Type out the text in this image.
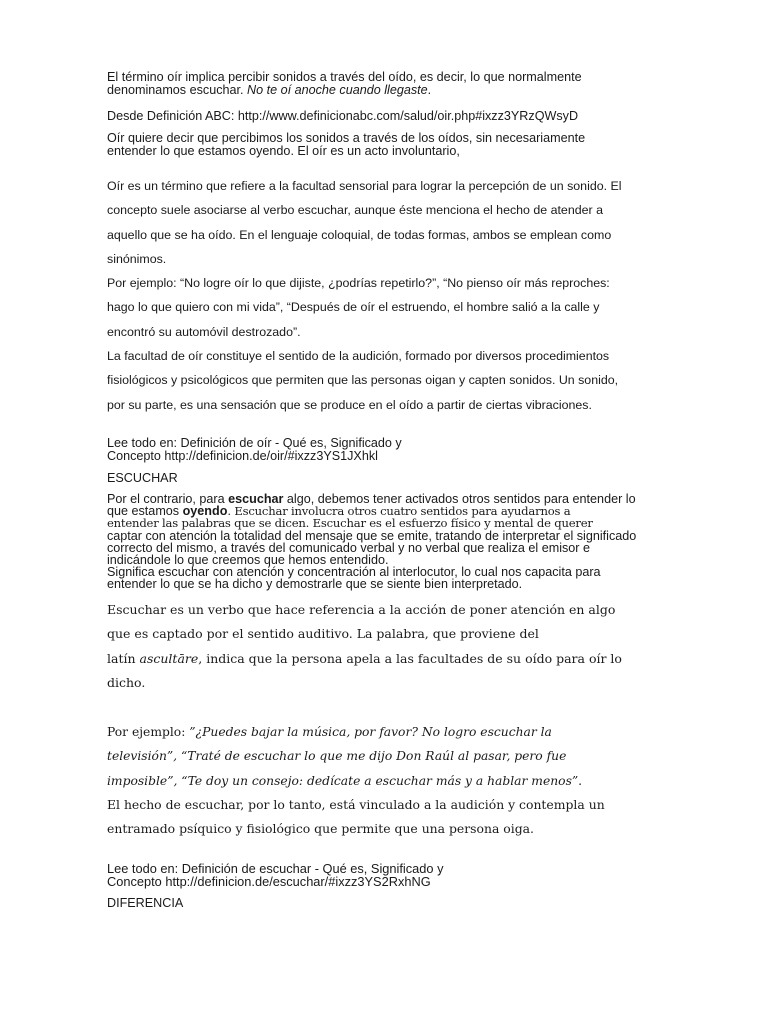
El término oír implica percibir sonidos a través del oído, es decir, lo que normalmente
denominamos escuchar. No te oí anoche cuando llegaste.
Desde Definición ABC: http://www.definicionabc.com/salud/oir.php#ixzz3YRzQWsyD
Oír quiere decir que percibimos los sonidos a través de los oídos, sin necesariamente
entender lo que estamos oyendo. El oír es un acto involuntario,
Oír es un término que refiere a la facultad sensorial para lograr la percepción de un sonido. El
concepto suele asociarse al verbo escuchar, aunque éste menciona el hecho de atender a
aquello que se ha oído. En el lenguaje coloquial, de todas formas, ambos se emplean como
sinónimos.
Por ejemplo: “No logre oír lo que dijiste, ¿podrías repetirlo?”, “No pienso oír más reproches:
hago lo que quiero con mi vida”, “Después de oír el estruendo, el hombre salió a la calle y
encontró su automóvil destrozado”.
La facultad de oír constituye el sentido de la audición, formado por diversos procedimientos
fisiológicos y psicológicos que permiten que las personas oigan y capten sonidos. Un sonido,
por su parte, es una sensación que se produce en el oído a partir de ciertas vibraciones.
Lee todo en: Definición de oír - Qué es, Significado y
Concepto http://definicion.de/oir/#ixzz3YS1JXhkl
ESCUCHAR
Por el contrario, para escuchar algo, debemos tener activados otros sentidos para entender lo
que estamos oyendo. Escuchar involucra otros cuatro sentidos para ayudarnos a
entender las palabras que se dicen. Escuchar es el esfuerzo físico y mental de querer
captar con atención la totalidad del mensaje que se emite, tratando de interpretar el significado
correcto del mismo, a través del comunicado verbal y no verbal que realiza el emisor e
indicándole lo que creemos que hemos entendido.
Significa escuchar con atención y concentración al interlocutor, lo cual nos capacita para
entender lo que se ha dicho y demostrarle que se siente bien interpretado.
Escuchar es un verbo que hace referencia a la acción de poner atención en algo
que es captado por el sentido auditivo. La palabra, que proviene del
latín ascultāre, indica que la persona apela a las facultades de su oído para oír lo
dicho.
Por ejemplo: ”¿Puedes bajar la música, por favor? No logro escuchar la
televisión”, “Traté de escuchar lo que me dijo Don Raúl al pasar, pero fue
imposible”, “Te doy un consejo: dedícate a escuchar más y a hablar menos”.
El hecho de escuchar, por lo tanto, está vinculado a la audición y contempla un
entramado psíquico y fisiológico que permite que una persona oiga.
Lee todo en: Definición de escuchar - Qué es, Significado y
Concepto http://definicion.de/escuchar/#ixzz3YS2RxhNG
DIFERENCIA
